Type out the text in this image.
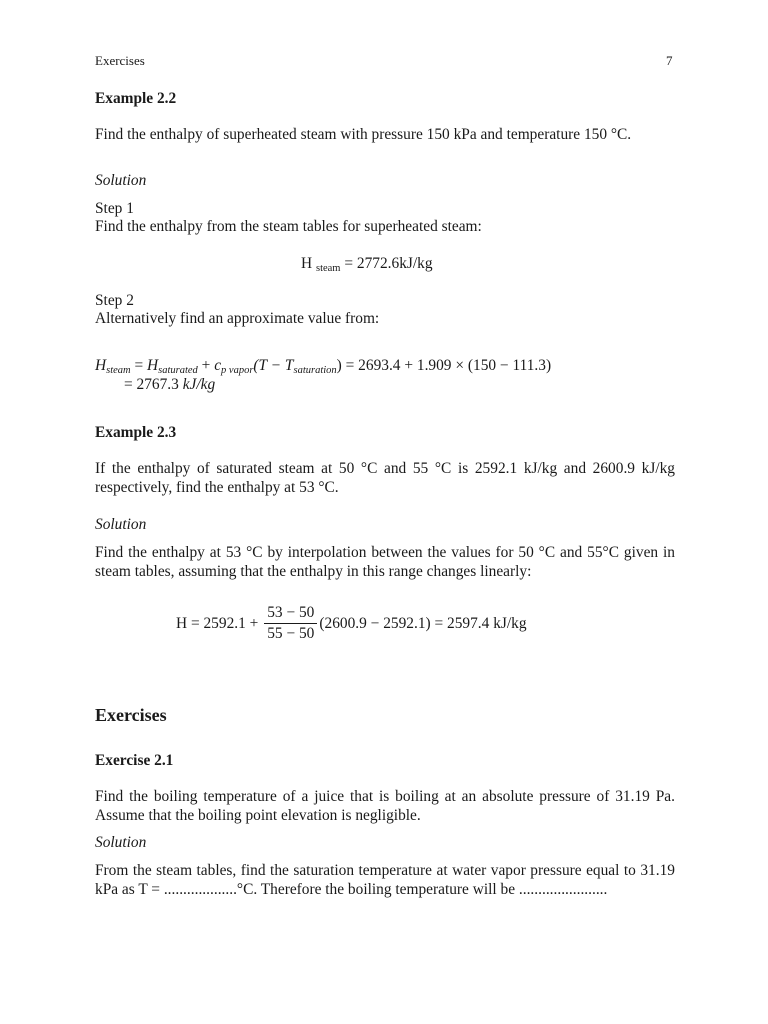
Exercises	7
Example 2.2
Find the enthalpy of superheated steam with pressure 150 kPa and temperature 150 °C.
Solution
Step 1
Find the enthalpy from the steam tables for superheated steam:
H $_{steam}$ = 2772.6kJ/kg
Step 2
Alternatively find an approximate value from:
$H_{steam} = H_{saturated} + c_{p vapor}(T - T_{saturation}) = 2693.4 + 1.909 \times (150 - 111.3)$
= 2767.3 kJ/kg
Example 2.3
If the enthalpy of saturated steam at 50 °C and 55 °C is 2592.1 kJ/kg and 2600.9 kJ/kg respectively, find the enthalpy at 53 °C.
Solution
Find the enthalpy at 53 °C by interpolation between the values for 50 °C and 55°C given in steam tables, assuming that the enthalpy in this range changes linearly:
$H = 2592.1 + \frac{53 - 50}{55 - 50} (2600.9 - 2592.1) = 2597.4$ kJ/kg
Exercises
Exercise 2.1
Find the boiling temperature of a juice that is boiling at an absolute pressure of 31.19 Pa. Assume that the boiling point elevation is negligible.
Solution
From the steam tables, find the saturation temperature at water vapor pressure equal to 31.19 kPa as T = ...................°C. Therefore the boiling temperature will be .......................
